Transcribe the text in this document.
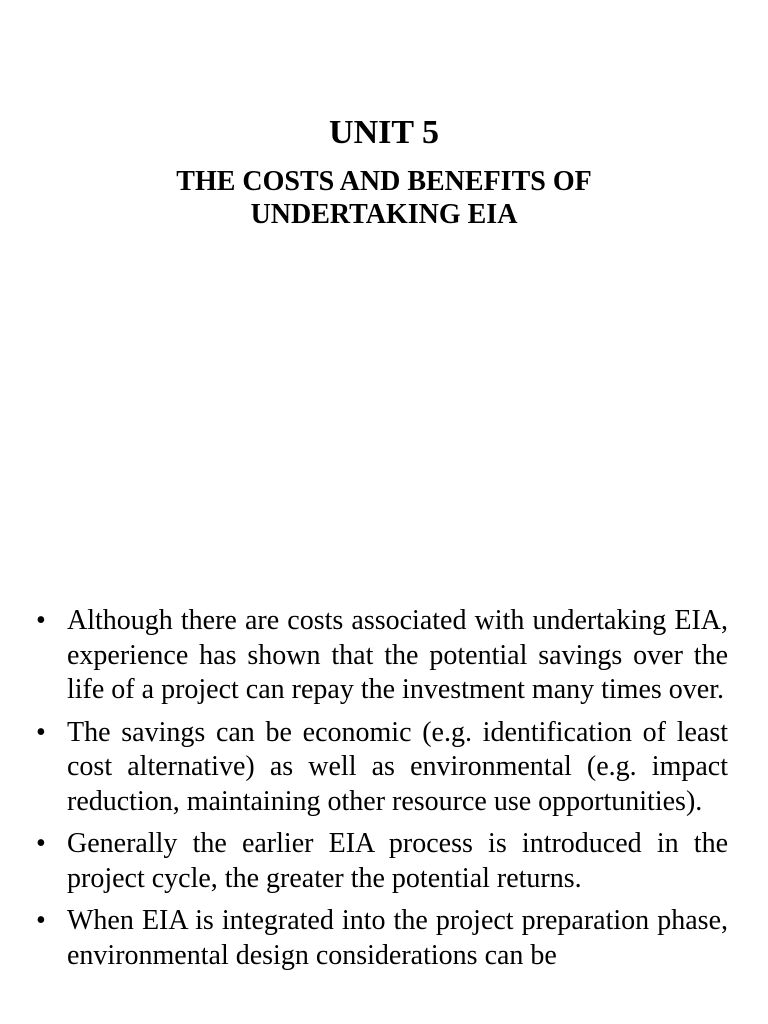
UNIT 5
THE COSTS AND BENEFITS OF UNDERTAKING EIA
• Although there are costs associated with undertaking EIA, experience has shown that the potential savings over the life of a project can repay the investment many times over.
• The savings can be economic (e.g. identification of least cost alternative) as well as environmental (e.g. impact reduction, maintaining other resource use opportunities).
• Generally the earlier EIA process is introduced in the project cycle, the greater the potential returns.
• When EIA is integrated into the project preparation phase, environmental design considerations can be
